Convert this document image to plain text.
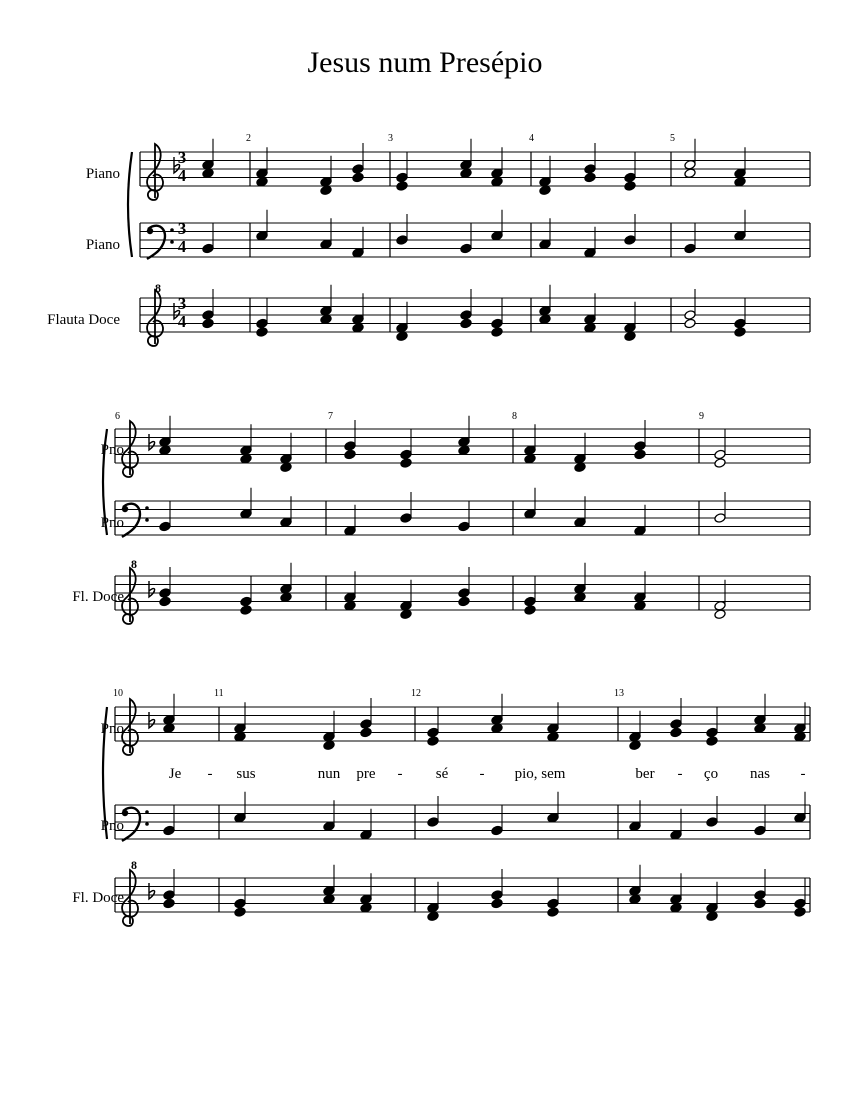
Jesus num Presépio
Piano
Piano
Flauta Doce
2	3	4	5
Pno
Pno
Fl. Doce
6	7	8	9
Pno
Pno
Fl. Doce
10	11	12	13
Je - sus	nun pre - sé - pio, sem	ber - ço nas -
8
8
8
3
4
3
4
3
4
